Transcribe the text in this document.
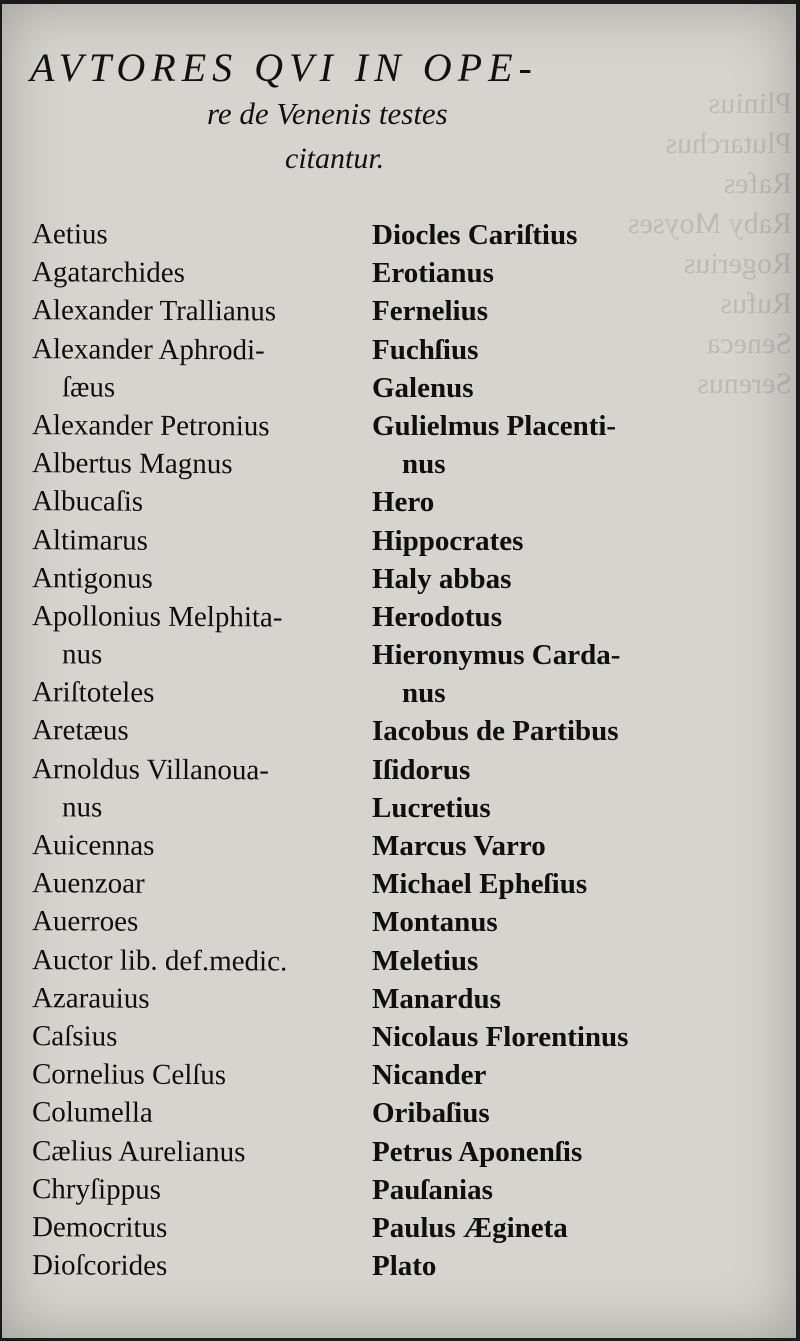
Plinius
Plutarchus
Rafes
Raby Moyses
Rogerius
Rufus
Seneca
Serenus
AVTORES QVI IN OPE-
re de Venenis testes
citantur.
Aetius
Agatarchides
Alexander Trallianus
Alexander Aphrodi-
ſæus
Alexander Petronius
Albertus Magnus
Albucaſis
Altimarus
Antigonus
Apollonius Melphita-
nus
Ariſtoteles
Aretæus
Arnoldus Villanoua-
nus
Auicennas
Auenzoar
Auerroes
Auctor lib. def.medic.
Azarauius
Caſsius
Cornelius Celſus
Columella
Cælius Aurelianus
Chryſippus
Democritus
Dioſcorides
Diocles Cariſtius
Erotianus
Fernelius
Fuchſius
Galenus
Gulielmus Placenti-
nus
Hero
Hippocrates
Haly abbas
Herodotus
Hieronymus Carda-
nus
Iacobus de Partibus
Iſidorus
Lucretius
Marcus Varro
Michael Epheſius
Montanus
Meletius
Manardus
Nicolaus Florentinus
Nicander
Oribaſius
Petrus Aponenſis
Pauſanias
Paulus Ægineta
Plato
